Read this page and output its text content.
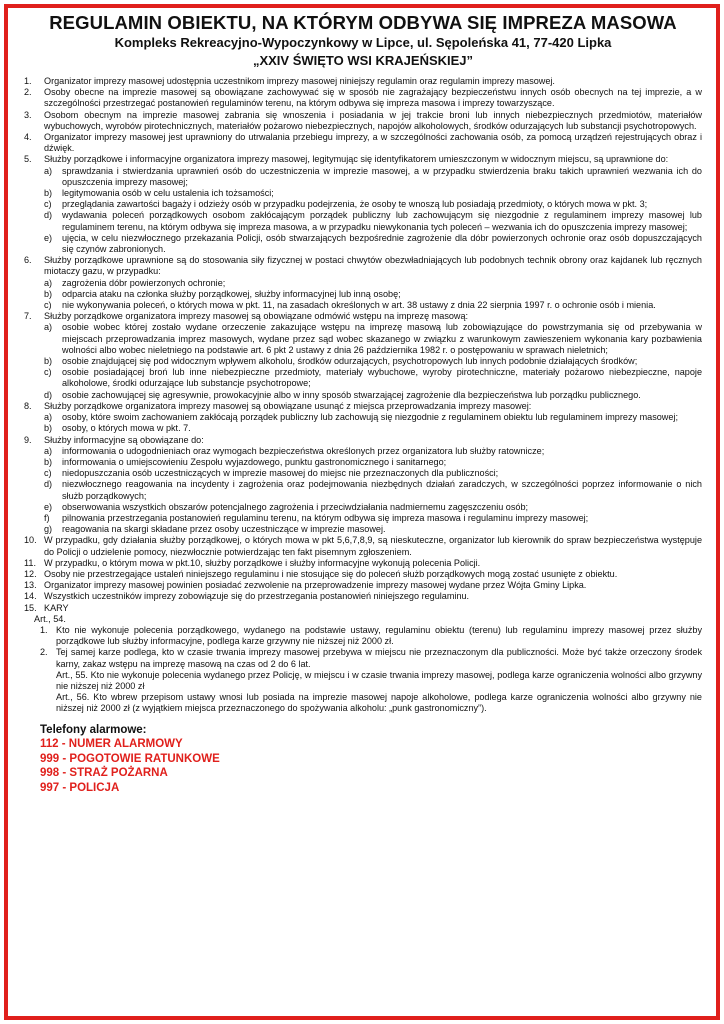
REGULAMIN OBIEKTU, NA KTÓRYM ODBYWA SIĘ IMPREZA MASOWA
Kompleks Rekreacyjno-Wypoczynkowy w Lipce, ul. Sępoleńska 41, 77-420 Lipka
„XXIV ŚWIĘTO WSI KRAJEŃSKIEJ”
1.	Organizator imprezy masowej udostępnia uczestnikom imprezy masowej niniejszy regulamin oraz regulamin imprezy masowej.
2.	Osoby obecne na imprezie masowej są obowiązane zachowywać się w sposób nie zagrażający bezpieczeństwu innych osób obecnych na tej imprezie, a w szczególności przestrzegać postanowień regulaminów terenu, na którym odbywa się impreza masowa i imprezy towarzyszące.
3.	Osobom obecnym na imprezie masowej zabrania się wnoszenia i posiadania w jej trakcie broni lub innych niebezpiecznych przedmiotów, materiałów wybuchowych, wyrobów pirotechnicznych, materiałów pożarowo niebezpiecznych, napojów alkoholowych, środków odurzających lub substancji psychotropowych.
4.	Organizator imprezy masowej jest uprawniony do utrwalania przebiegu imprezy, a w szczególności zachowania osób, za pomocą urządzeń rejestrujących obraz i dźwięk.
5.	Służby porządkowe i informacyjne organizatora imprezy masowej, legitymując się identyfikatorem umieszczonym w widocznym miejscu, są uprawnione do:
a)	sprawdzania i stwierdzania uprawnień osób do uczestniczenia w imprezie masowej, a w przypadku stwierdzenia braku takich uprawnień wezwania ich do opuszczenia imprezy masowej;
b)	legitymowania osób w celu ustalenia ich tożsamości;
c)	przeglądania zawartości bagaży i odzieży osób w przypadku podejrzenia, że osoby te wnoszą lub posiadają przedmioty, o których mowa w pkt. 3;
d)	wydawania poleceń porządkowych osobom zakłócającym porządek publiczny lub zachowującym się niezgodnie z regulaminem imprezy masowej lub regulaminem terenu, na którym odbywa się impreza masowa, a w przypadku niewykonania tych poleceń – wezwania ich do opuszczenia imprezy masowej;
e)	ujęcia, w celu niezwłocznego przekazania Policji, osób stwarzających bezpośrednie zagrożenie dla dóbr powierzonych ochronie oraz osób dopuszczających się czynów zabronionych.
6.	Służby porządkowe uprawnione są do stosowania siły fizycznej w postaci chwytów obezwładniających lub podobnych technik obrony oraz kajdanek lub ręcznych miotaczy gazu, w przypadku:
a)	zagrożenia dóbr powierzonych ochronie;
b)	odparcia ataku na członka służby porządkowej, służby informacyjnej lub inną osobę;
c)	nie wykonywania poleceń, o których mowa w pkt. 11, na zasadach określonych w art. 38 ustawy z dnia 22 sierpnia 1997 r. o ochronie osób i mienia.
7.	Służby porządkowe organizatora imprezy masowej są obowiązane odmówić wstępu na imprezę masową:
a)	osobie wobec której zostało wydane orzeczenie zakazujące wstępu na imprezę masową lub zobowiązujące do powstrzymania się od przebywania w miejscach przeprowadzania imprez masowych, wydane przez sąd wobec skazanego w związku z warunkowym zawieszeniem wykonania kary pozbawienia wolności albo wobec nieletniego na podstawie art. 6 pkt 2 ustawy z dnia 26 października 1982 r. o postępowaniu w sprawach nieletnich;
b)	osobie znajdującej się pod widocznym wpływem alkoholu, środków odurzających, psychotropowych lub innych podobnie działających środków;
c)	osobie posiadającej broń lub inne niebezpieczne przedmioty, materiały wybuchowe, wyroby pirotechniczne, materiały pożarowo niebezpieczne, napoje alkoholowe, środki odurzające lub substancje psychotropowe;
d)	osobie zachowującej się agresywnie, prowokacyjnie albo w inny sposób stwarzającej zagrożenie dla bezpieczeństwa lub porządku publicznego.
8.	Służby porządkowe organizatora imprezy masowej są obowiązane usunąć z miejsca przeprowadzania imprezy masowej:
a)	osoby, które swoim zachowaniem zakłócają porządek publiczny lub zachowują się niezgodnie z regulaminem obiektu lub regulaminem imprezy masowej;
b)	osoby, o których mowa w pkt. 7.
9.	Służby informacyjne są obowiązane do:
a)	informowania o udogodnieniach oraz wymogach bezpieczeństwa określonych przez organizatora lub służby ratownicze;
b)	informowania o umiejscowieniu Zespołu wyjazdowego, punktu gastronomicznego i sanitarnego;
c)	niedopuszczania osób uczestniczących w imprezie masowej do miejsc nie przeznaczonych dla publiczności;
d)	niezwłocznego reagowania na incydenty i zagrożenia oraz podejmowania niezbędnych działań zaradczych, w szczególności poprzez informowanie o nich służb porządkowych;
e)	obserwowania wszystkich obszarów potencjalnego zagrożenia i przeciwdziałania nadmiernemu zagęszczeniu osób;
f)	pilnowania przestrzegania postanowień regulaminu terenu, na którym odbywa się impreza masowa i regulaminu imprezy masowej;
g)	reagowania na skargi składane przez osoby uczestniczące w imprezie masowej.
10. W przypadku, gdy działania służby porządkowej, o których mowa w pkt 5,6,7,8,9, są nieskuteczne, organizator lub kierownik do spraw bezpieczeństwa występuje do Policji o udzielenie pomocy, niezwłocznie potwierdzając ten fakt pisemnym zgłoszeniem.
11. W przypadku, o którym mowa w pkt.10, służby porządkowe i służby informacyjne wykonują polecenia Policji.
12. Osoby nie przestrzegające ustaleń niniejszego regulaminu i nie stosujące się do poleceń służb porządkowych mogą zostać usunięte z obiektu.
13. Organizator imprezy masowej powinien posiadać zezwolenie na przeprowadzenie imprezy masowej wydane przez Wójta Gminy Lipka.
14. Wszystkich uczestników imprezy zobowiązuje się do przestrzegania postanowień niniejszego regulaminu.
15. KARY
Art., 54.
1. Kto nie wykonuje polecenia porządkowego, wydanego na podstawie ustawy, regulaminu obiektu (terenu) lub regulaminu imprezy masowej przez służby porządkowe lub służby informacyjne, podlega karze grzywny nie niższej niż 2000 zł.
2. Tej samej karze podlega, kto w czasie trwania imprezy masowej przebywa w miejscu nie przeznaczonym dla publiczności. Może być także orzeczony środek karny, zakaz wstępu na imprezę masową na czas od 2 do 6 lat.
Art., 55. Kto nie wykonuje polecenia wydanego przez Policję, w miejscu i w czasie trwania imprezy masowej, podlega karze ograniczenia wolności albo grzywny nie niższej niż 2000 zł
Art., 56. Kto wbrew przepisom ustawy wnosi lub posiada na imprezie masowej napoje alkoholowe, podlega karze ograniczenia wolności albo grzywny nie niższej niż 2000 zł (z wyjątkiem miejsca przeznaczonego do spożywania alkoholu: „punk gastronomiczny”).
Telefony alarmowe:
112 - NUMER ALARMOWY
999 - POGOTOWIE RATUNKOWE
998 - STRAŻ POŻARNA
997 - POLICJA
